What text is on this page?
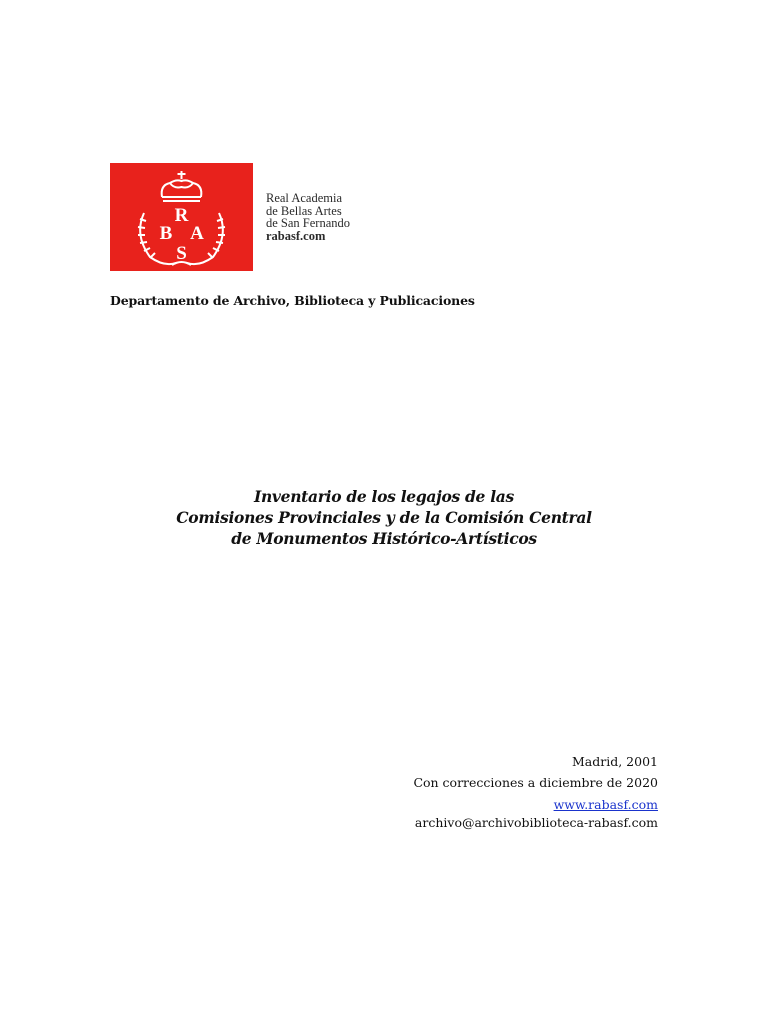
R
B A
S
Real Academia
de Bellas Artes
de San Fernando
rabasf.com
Departamento de Archivo, Biblioteca y Publicaciones
Inventario de los legajos de las
Comisiones Provinciales y de la Comisión Central
de Monumentos Histórico-Artísticos
Madrid, 2001
Con correcciones a diciembre de 2020
www.rabasf.com
archivo@archivobiblioteca-rabasf.com
